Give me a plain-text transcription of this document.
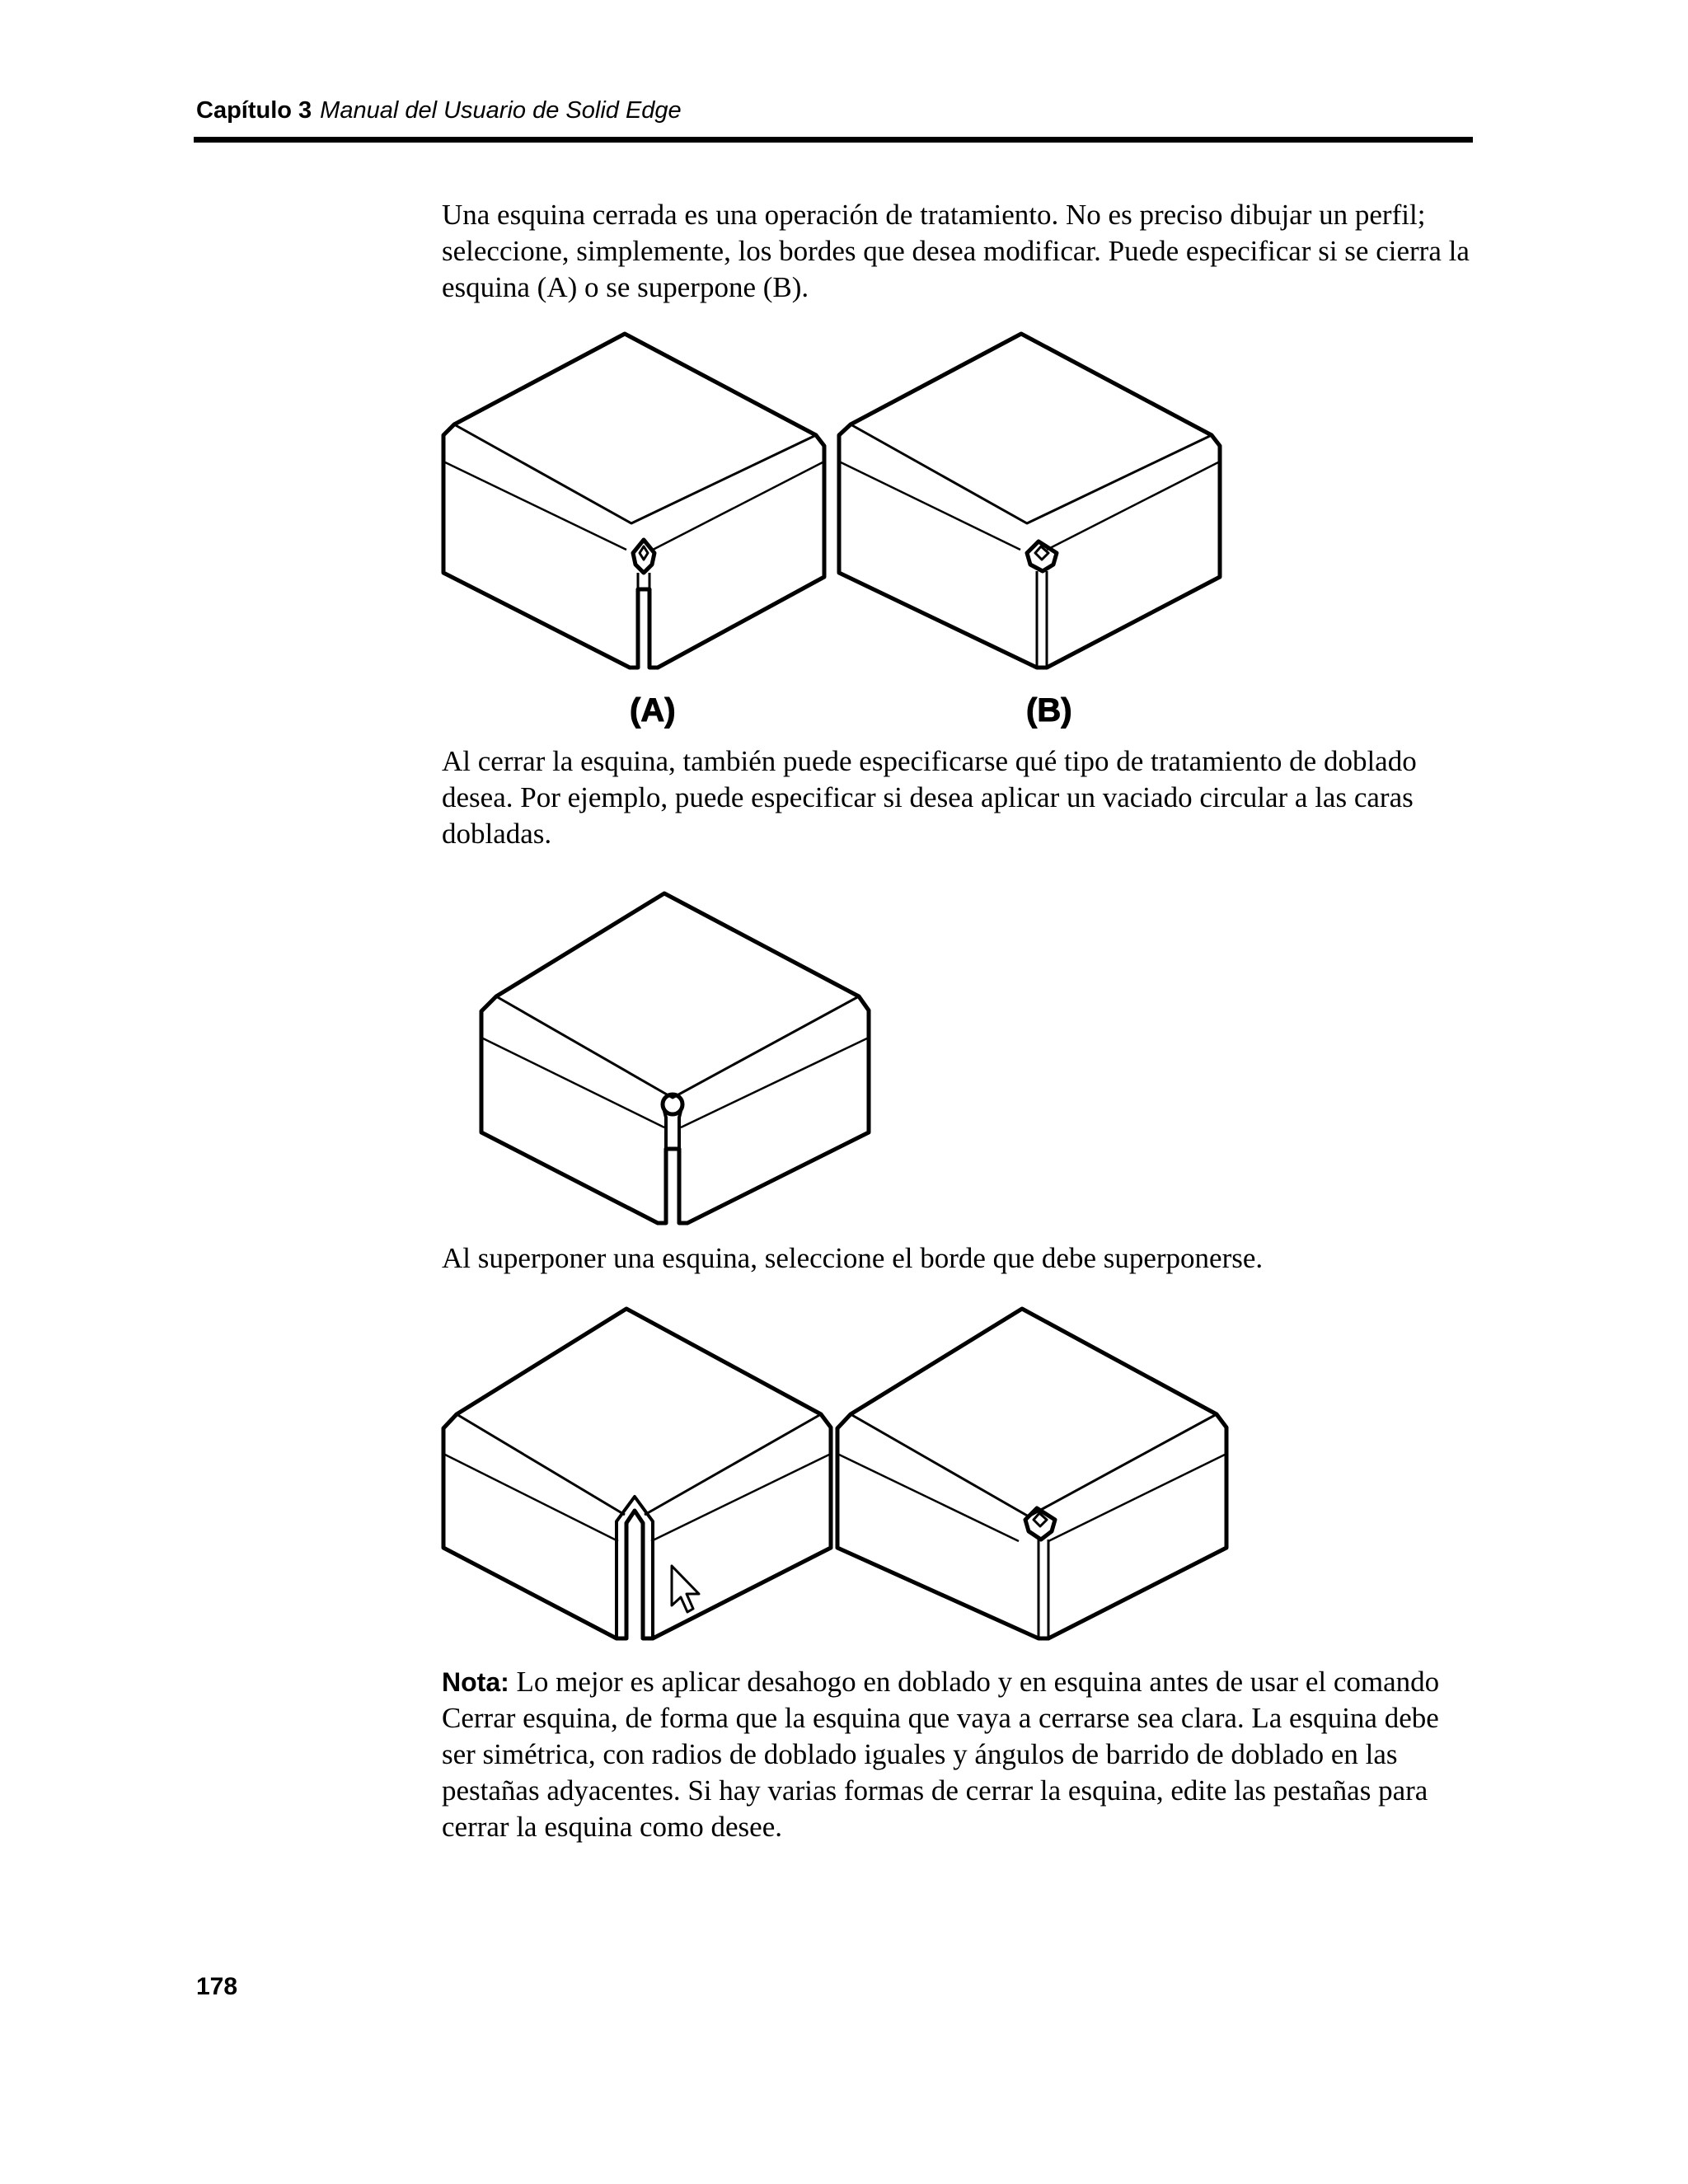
Capítulo 3 Manual del Usuario de Solid Edge

Una esquina cerrada es una operación de tratamiento. No es preciso dibujar un perfil; seleccione, simplemente, los bordes que desea modificar. Puede especificar si se cierra la esquina (A) o se superpone (B).

(A)	(B)

Al cerrar la esquina, también puede especificarse qué tipo de tratamiento de doblado desea. Por ejemplo, puede especificar si desea aplicar un vaciado circular a las caras dobladas.

Al superponer una esquina, seleccione el borde que debe superponerse.

Nota: Lo mejor es aplicar desahogo en doblado y en esquina antes de usar el comando Cerrar esquina, de forma que la esquina que vaya a cerrarse sea clara. La esquina debe ser simétrica, con radios de doblado iguales y ángulos de barrido de doblado en las pestañas adyacentes. Si hay varias formas de cerrar la esquina, edite las pestañas para cerrar la esquina como desee.

178
